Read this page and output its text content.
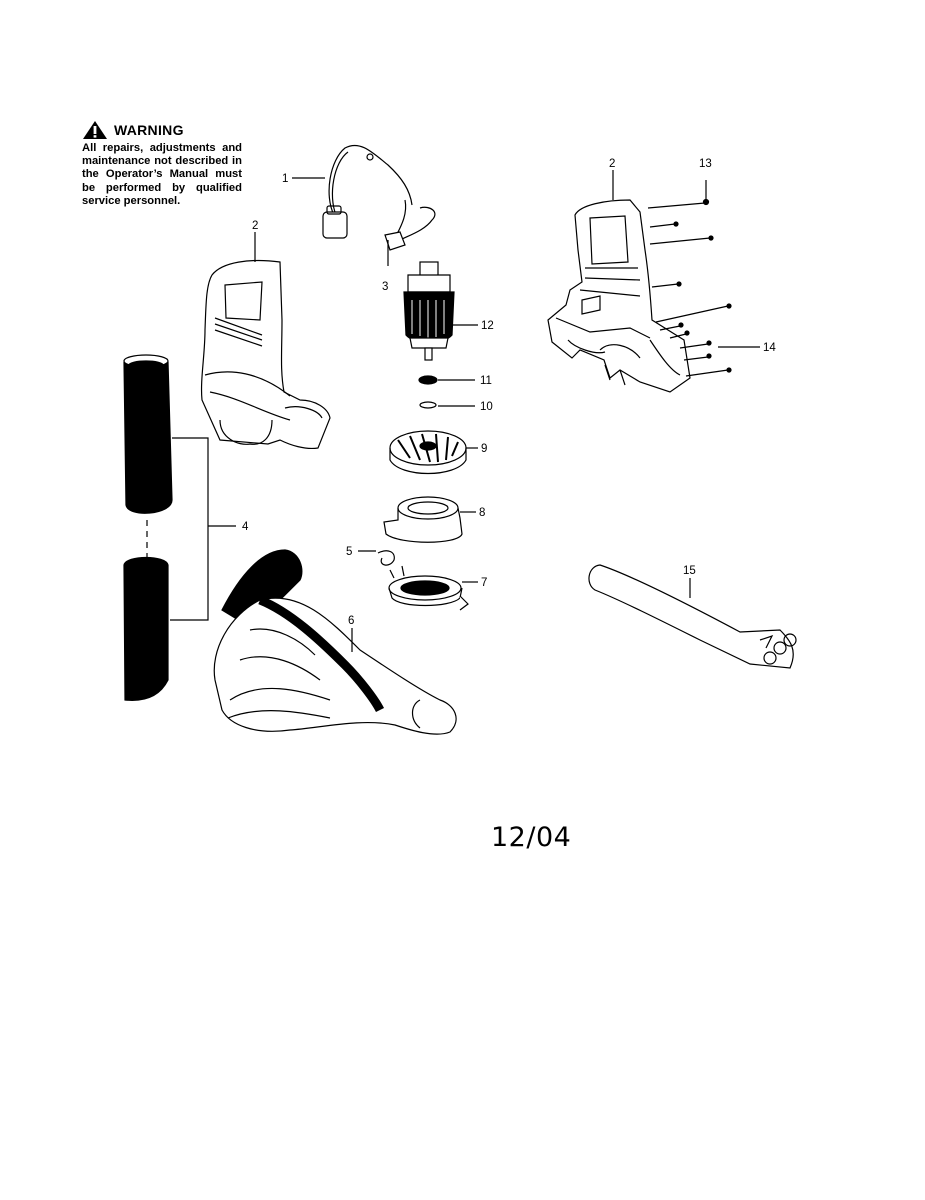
WARNING
All repairs, adjustments and maintenance not described in the Operator’s Manual must be performed by qualified service personnel.
1
2
3
4
5
6
7
8
9
10
11
12
13
14
15
2
12/04
